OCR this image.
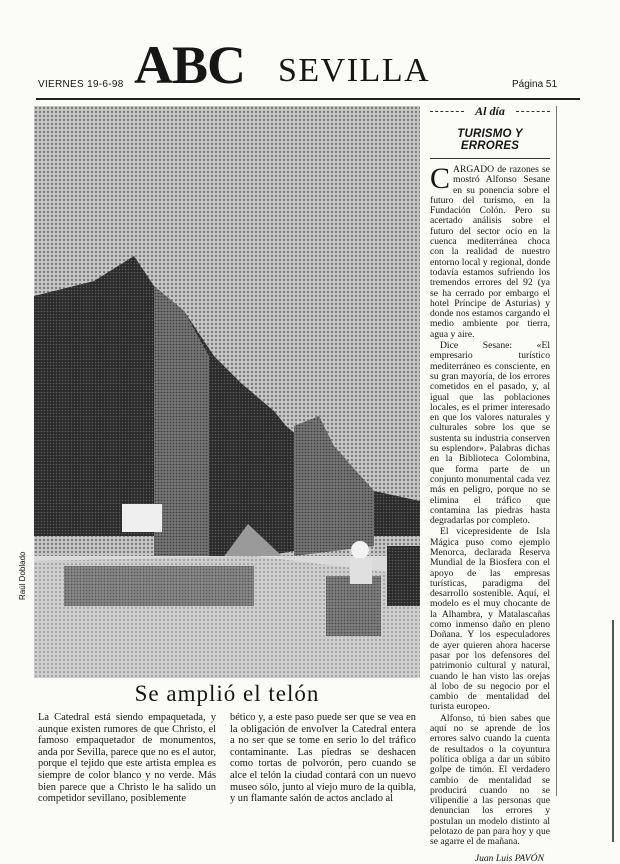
VIERNES 19-6-98 ABC SEVILLA	Página 51
Raúl Doblado
Se amplió el telón

La Catedral está siendo empaquetada, y aunque existen rumores de que Christo, el famoso empaquetador de monumentos, anda por Sevilla, parece que no es el autor, porque el tejido que este artista emplea es siempre de color blanco y no verde. Más bien parece que a Christo le ha salido un competidor sevillano, posiblemente

bético y, a este paso puede ser que se vea en la obligación de envolver la Catedral entera a no ser que se tome en serio lo del tráfico contaminante. Las piedras se deshacen como tortas de polvorón, pero cuando se alce el telón la ciudad contará con un nuevo museo sólo, junto al viejo muro de la quibla, y un flamante salón de actos anclado al

Al día
TURISMO Y ERRORES

CARGADO de razones se mostró Alfonso Sesane en su ponencia sobre el futuro del turismo, en la Fundación Colón. Pero su acertado análisis sobre el futuro del sector ocio en la cuenca mediterránea choca con la realidad de nuestro entorno local y regional, donde todavía estamos sufriendo los tremendos errores del 92 (ya se ha cerrado por embargo el hotel Príncipe de Asturias) y donde nos estamos cargando el medio ambiente por tierra, agua y aire.

Dice Sesane: «El empresario turístico mediterráneo es consciente, en su gran mayoría, de los errores cometidos en el pasado, y, al igual que las poblaciones locales, es el primer interesado en que los valores naturales y culturales sobre los que se sustenta su industria conserven su esplendor». Palabras dichas en la Biblioteca Colombina, que forma parte de un conjunto monumental cada vez más en peligro, porque no se elimina el tráfico que contamina las piedras hasta degradarlas por completo.

El vicepresidente de Isla Mágica puso como ejemplo Menorca, declarada Reserva Mundial de la Biosfera con el apoyo de las empresas turísticas, paradigma del desarrollo sostenible. Aquí, el modelo es el muy chocante de la Alhambra, y Matalascañas como inmenso daño en pleno Doñana. Y los especuladores de ayer quieren ahora hacerse pasar por los defensores del patrimonio cultural y natural, cuando le han visto las orejas al lobo de su negocio por el cambio de mentalidad del turista europeo.

Alfonso, tú bien sabes que aquí no se aprende de los errores salvo cuando la cuenta de resultados o la coyuntura política obliga a dar un súbito golpe de timón. El verdadero cambio de mentalidad se producirá cuando no se vilipendie a las personas que denuncian los errores y postulan un modelo distinto al pelotazo de pan para hoy y que se agarre el de mañana.

Juan Luis PAVÓN
